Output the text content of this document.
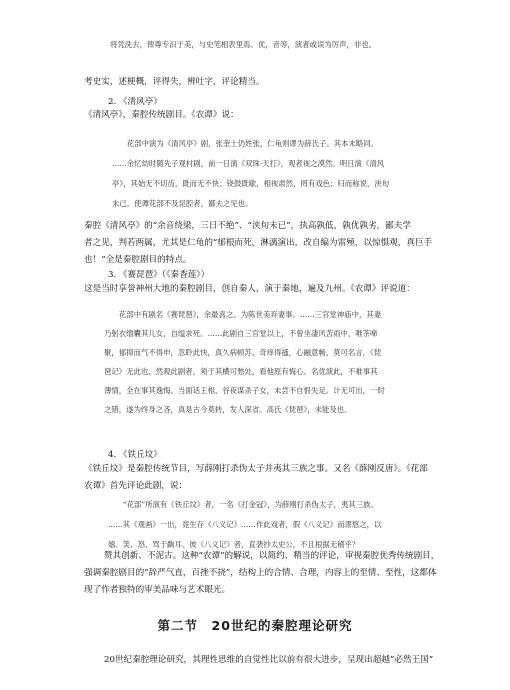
将凭洗去，俾尊专汩于美，与史笔相表里焉。优，音等，演者或误为厉声，非也。
考史实，述梗概，评得失，辨吐字，评论精当。
2. 《清风亭》
《清风亭》，秦腔传统剧目。《农谭》说：
花部中演为《清风亭》剧，张奎士仍姓张，仁龟则谬为薛氏子。其本末略同。
……余忆幼时随先子观村剧，前一日演《双珠·天打》，观者视之漠然。明日演《清风
亭》，其始无不切齿，既而无不快；铙鼓既歇，相视肃然，罔有戏色；归而称说，浃旬
未已。使谭花部不及昆腔者，鄙夫之见也。
秦腔《清风亭》的“余音绕梁，三日不绝”、“浃旬未已”，执高孰低，孰优孰劣，鄙夫学
者之见，判若两属，尤其是仁龟的“郁根而死，淋漓演出，改自编为雷殛，以惊惧观，真巨手
也！”全是秦腔剧目的特点。
3. 《赛琵琶》（《秦香莲》）
这是当时享誉神州大地的秦腔剧目，创自秦人，演于秦地，遍及九州。《农谭》评说道：
花部中有剧名《赛琵琶》，余最喜之。为陈世美弃妻事。……三官堂神庙中，其妻
乃躬衣缯囊其儿女，自缢求死。……此剧自三官堂以上，不曾坐凄风苦雨中，唯茶啼
聚，郁抑而气不得申，忽聆此快，真久病顿苏，奇痒得搔，心融意畅，莫可名言，《琵
琶记》无此也。然观此剧者，须于其横可愁处，看他原有悔心。名优演此，不难事其
薄情，全在事其逸悔。当面话王相、谷夜谋杀子女，未尝不自恨失足。计无可出，一时
之错，遂为终身之吝，真是古今莫转，发人深省。高氏《琵琶》，未能及也。
4. 《铁丘坟》
《铁丘坟》是秦腔传统节目，写薛刚打杀伪太子并夷其三族之事。又名《薛刚反唐》。《花部
农谭》首先评论此剧，说：
“花部”所演有《铁丘坟》者，一名《打金冠》，为薛刚打杀伪太子，夷其三族。
……其《观画》一出，竟生存《八义记》……作此戏者，假《八义记》而谬悠之，以
嬉、笑、怒、骂于齣耳。彼《八义记》者，直袭抄太史公，不且根据无稽乎？
赞其创新、不泥古。这种“农谭”的解说，以简约、精当的评论，审视秦腔优秀传统剧目，
强调秦腔剧目的“辞严气直，百挫不挠”，结构上的合情、合理，内容上的至情、至性，这都体
现了作者独特的审美品味与艺术眼光。
第二节　20世纪的秦腔理论研究
20世纪秦腔理论研究，其理性思维的自觉性比以前有很大进步，呈现出超越“必然王国”
